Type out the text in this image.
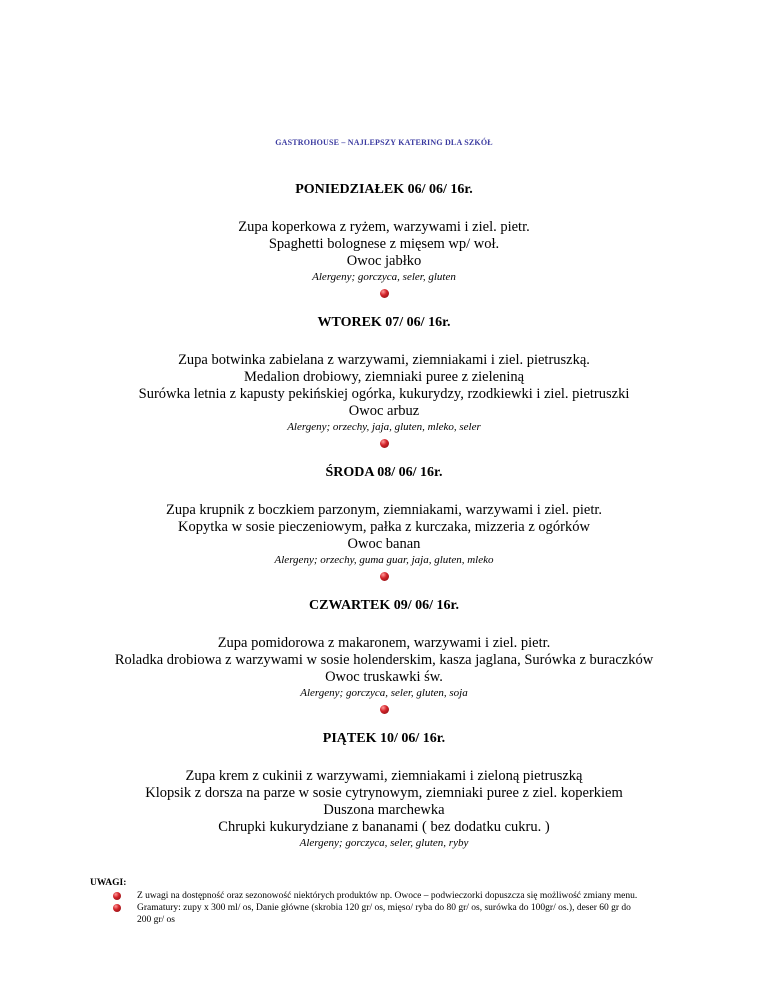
GASTROHOUSE – NAJLEPSZY KATERING DLA SZKÓŁ
PONIEDZIAŁEK 06/ 06/ 16r.
Zupa koperkowa z ryżem, warzywami i ziel. pietr.
Spaghetti bolognese z mięsem wp/ woł.
Owoc jabłko
Alergeny; gorczyca, seler, gluten
WTOREK 07/ 06/ 16r.
Zupa botwinka zabielana z warzywami, ziemniakami i ziel. pietruszką.
Medalion drobiowy, ziemniaki puree z zieleniną
Surówka letnia z kapusty pekińskiej ogórka, kukurydzy, rzodkiewki i ziel. pietruszki
Owoc arbuz
Alergeny; orzechy, jaja, gluten, mleko, seler
ŚRODA 08/ 06/ 16r.
Zupa krupnik z boczkiem parzonym, ziemniakami, warzywami i ziel. pietr.
Kopytka w sosie pieczeniowym, pałka z kurczaka, mizzeria z ogórków
Owoc banan
Alergeny; orzechy, guma guar, jaja, gluten, mleko
CZWARTEK 09/ 06/ 16r.
Zupa pomidorowa z makaronem, warzywami i ziel. pietr.
Roladka drobiowa z warzywami w sosie holenderskim, kasza jaglana, Surówka z buraczków
Owoc truskawki św.
Alergeny; gorczyca, seler, gluten, soja
PIĄTEK 10/ 06/ 16r.
Zupa krem z cukinii z warzywami, ziemniakami i zieloną pietruszką
Klopsik z dorsza na parze w sosie cytrynowym, ziemniaki puree z ziel. koperkiem
Duszona marchewka
Chrupki kukurydziane z bananami ( bez dodatku cukru. )
Alergeny; gorczyca, seler, gluten, ryby
UWAGI:
Z uwagi na dostępność oraz sezonowość niektórych produktów np. Owoce – podwieczorki dopuszcza się możliwość zmiany menu.
Gramatury: zupy x 300 ml/ os, Danie główne (skrobia 120 gr/ os, mięso/ ryba do 80 gr/ os, surówka do 100gr/ os.), deser 60 gr do 200 gr/ os
